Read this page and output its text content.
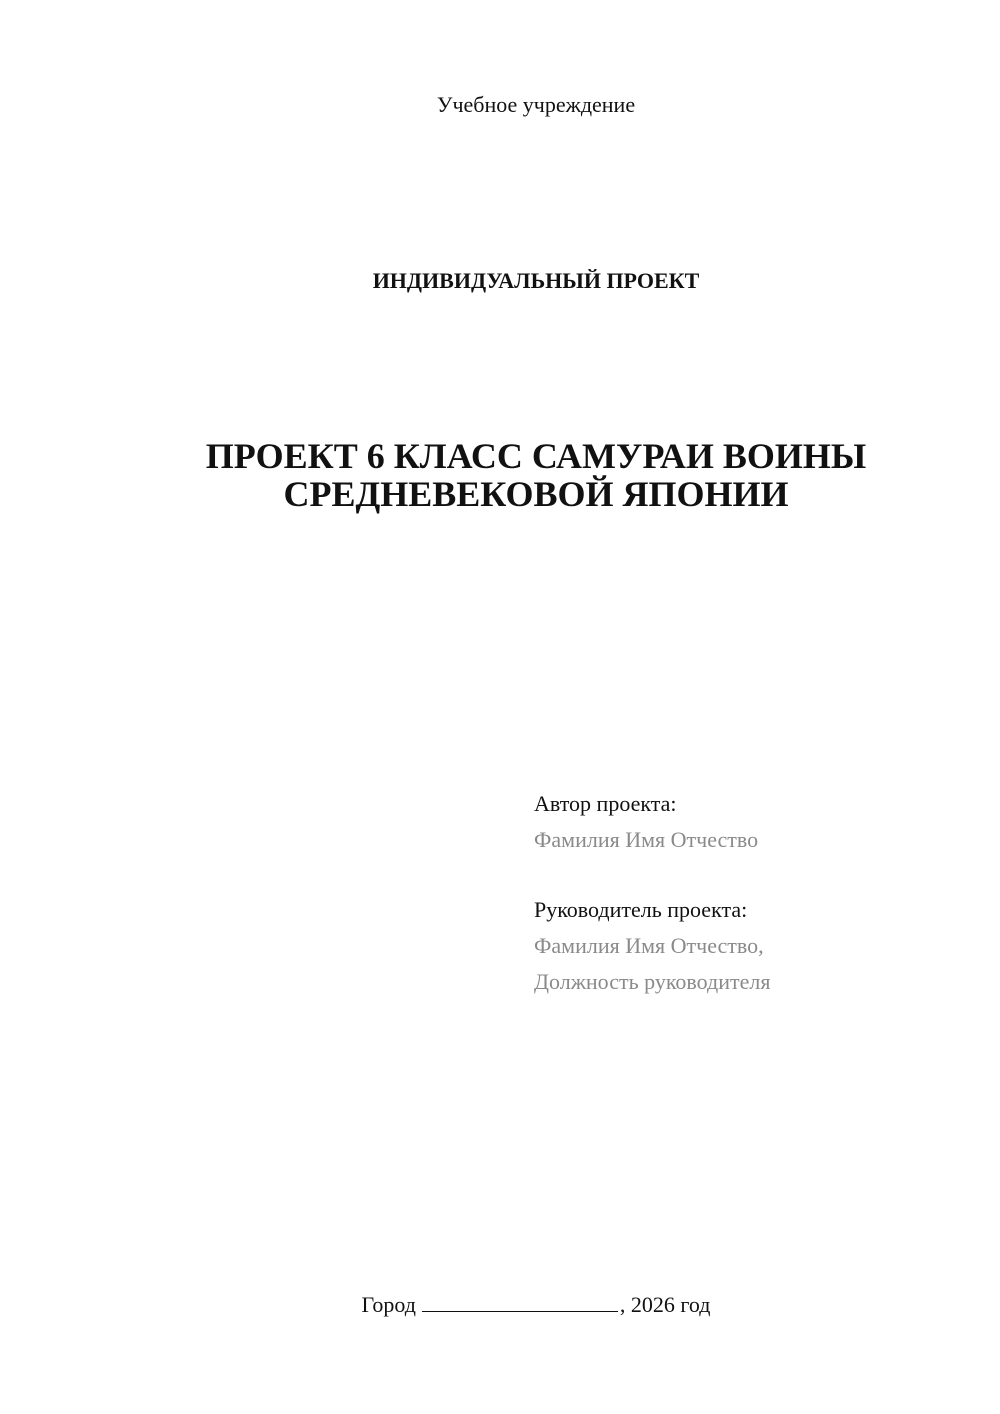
Учебное учреждение
ИНДИВИДУАЛЬНЫЙ ПРОЕКТ
ПРОЕКТ 6 КЛАСС САМУРАИ ВОИНЫ
СРЕДНЕВЕКОВОЙ ЯПОНИИ
Автор проекта:
Фамилия Имя Отчество
Руководитель проекта:
Фамилия Имя Отчество,
Должность руководителя
Город	, 2026 год
